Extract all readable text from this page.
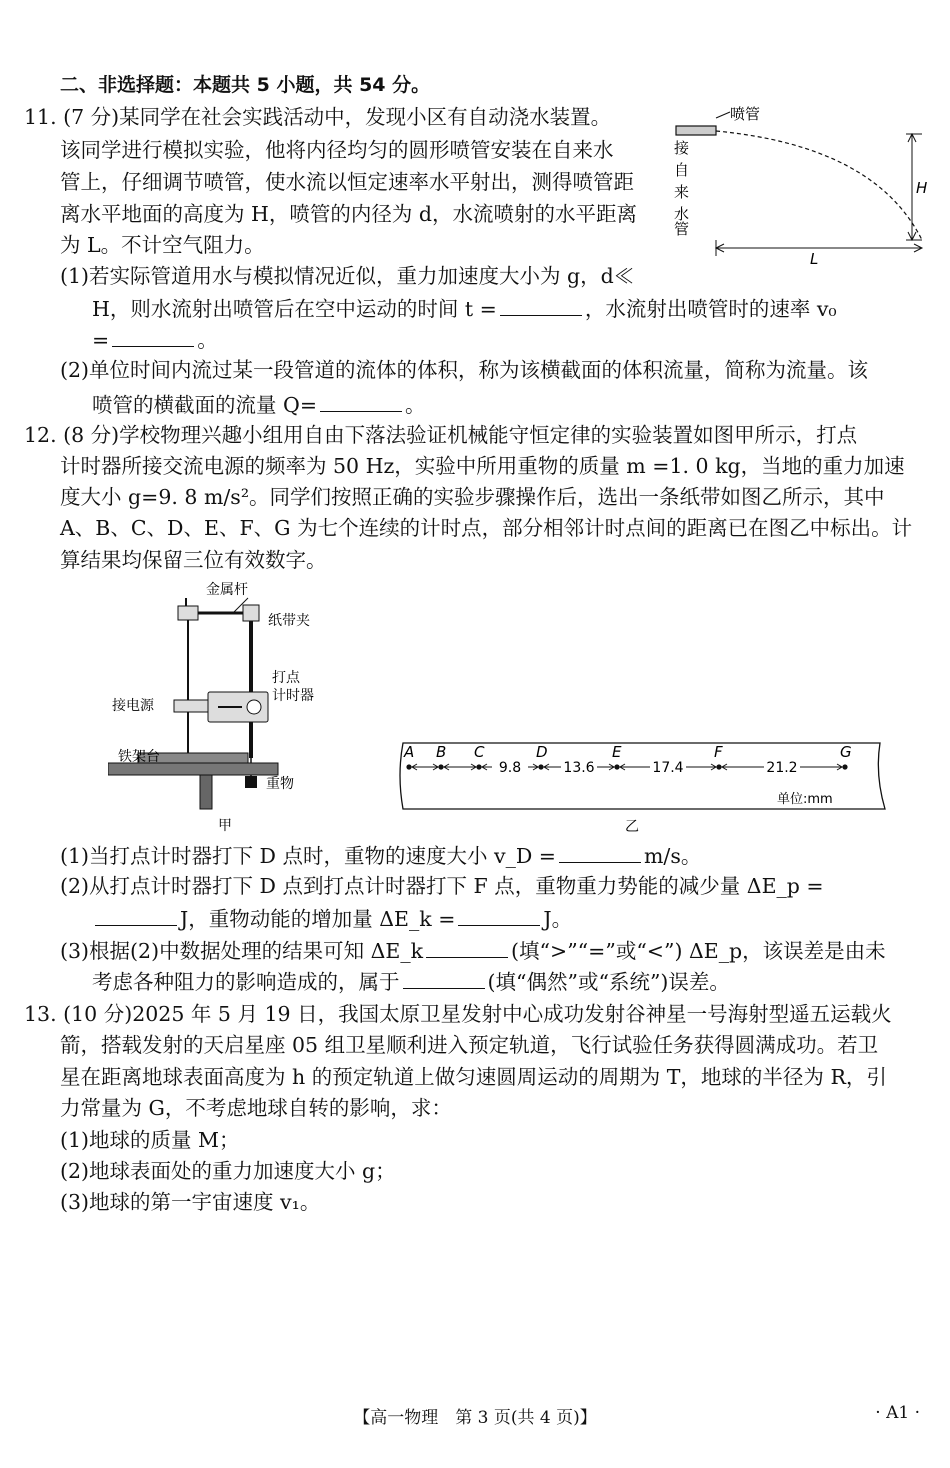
二、非选择题：本题共 5 小题，共 54 分。
11. (7 分)某同学在社会实践活动中，发现小区有自动浇水装置。
该同学进行模拟实验，他将内径均匀的圆形喷管安装在自来水
管上，仔细调节喷管，使水流以恒定速率水平射出，测得喷管距
离水平地面的高度为 H，喷管的内径为 d，水流喷射的水平距离
为 L。不计空气阻力。
(1)若实际管道用水与模拟情况近似，重力加速度大小为 g，d≪
H，则水流射出喷管后在空中运动的时间 t =	，水流射出喷管时的速率 v₀
=	。
(2)单位时间内流过某一段管道的流体的体积，称为该横截面的体积流量，简称为流量。该
喷管的横截面的流量 Q=	。
喷管
接
自
来
水
管
H
L
12. (8 分)学校物理兴趣小组用自由下落法验证机械能守恒定律的实验装置如图甲所示，打点
计时器所接交流电源的频率为 50 Hz，实验中所用重物的质量 m =1. 0 kg，当地的重力加速
度大小 g=9. 8 m/s²。同学们按照正确的实验步骤操作后，选出一条纸带如图乙所示，其中
A、B、C、D、E、F、G 为七个连续的计时点，部分相邻计时点间的距离已在图乙中标出。计
算结果均保留三位有效数字。
金属杆
纸带夹
打点
计时器
接电源
重物
铁架台
甲
A B C	D	E	F	G
9.8	13.6	17.4	21.2
单位:mm
乙
(1)当打点计时器打下 D 点时，重物的速度大小 v_D =	m/s。
(2)从打点计时器打下 D 点到打点计时器打下 F 点，重物重力势能的减少量 ΔE_p =
J，重物动能的增加量 ΔE_k =	J。
(3)根据(2)中数据处理的结果可知 ΔE_k	(填“>”“=”或“<”) ΔE_p，该误差是由未
考虑各种阻力的影响造成的，属于	(填“偶然”或“系统”)误差。
13. (10 分)2025 年 5 月 19 日，我国太原卫星发射中心成功发射谷神星一号海射型遥五运载火
箭，搭载发射的天启星座 05 组卫星顺利进入预定轨道，飞行试验任务获得圆满成功。若卫
星在距离地球表面高度为 h 的预定轨道上做匀速圆周运动的周期为 T，地球的半径为 R，引
力常量为 G，不考虑地球自转的影响，求：
(1)地球的质量 M；
(2)地球表面处的重力加速度大小 g；
(3)地球的第一宇宙速度 v₁。
【高一物理　第 3 页(共 4 页)】	· A1 ·
